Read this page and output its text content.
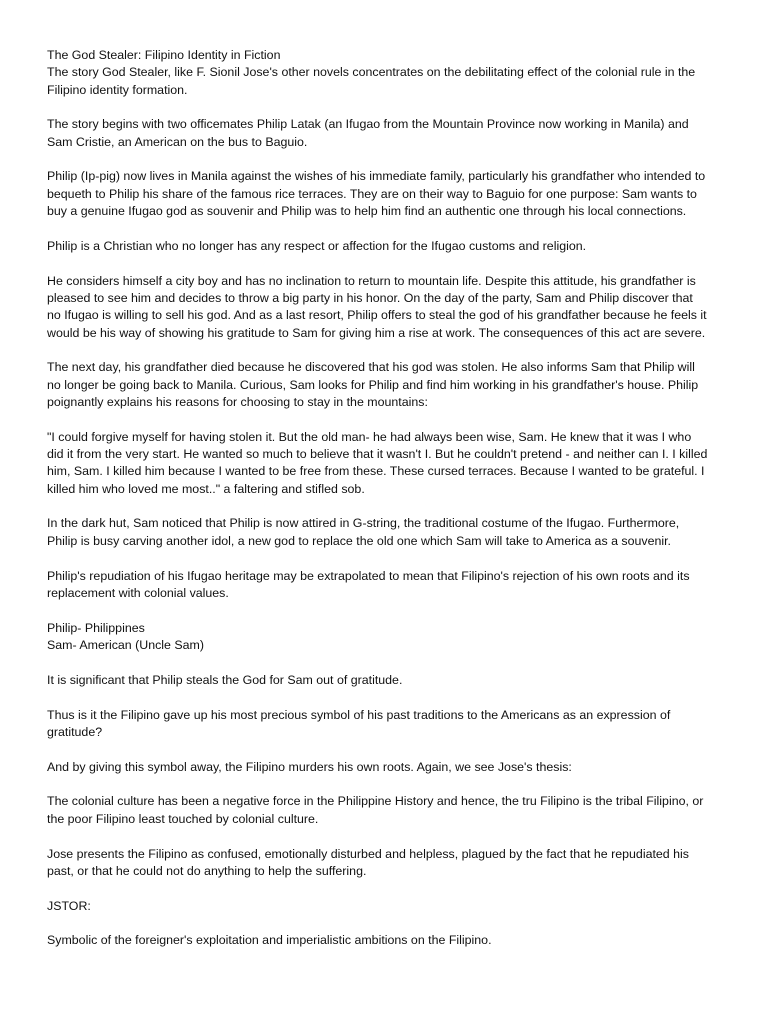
The God Stealer: Filipino Identity in Fiction
The story God Stealer, like F. Sionil Jose's other novels concentrates on the debilitating effect of the colonial rule in the Filipino identity formation.
The story begins with two officemates Philip Latak (an Ifugao from the Mountain Province now working in Manila) and Sam Cristie, an American on the bus to Baguio.
Philip (Ip-pig) now lives in Manila against the wishes of his immediate family, particularly his grandfather who intended to bequeth to Philip his share of the famous rice terraces. They are on their way to Baguio for one purpose: Sam wants to buy a genuine Ifugao god as souvenir and Philip was to help him find an authentic one through his local connections.
Philip is a Christian who no longer has any respect or affection for the Ifugao customs and religion.
He considers himself a city boy and has no inclination to return to mountain life. Despite this attitude, his grandfather is pleased to see him and decides to throw a big party in his honor. On the day of the party, Sam and Philip discover that no Ifugao is willing to sell his god. And as a last resort, Philip offers to steal the god of his grandfather because he feels it would be his way of showing his gratitude to Sam for giving him a rise at work. The consequences of this act are severe.
The next day, his grandfather died because he discovered that his god was stolen. He also informs Sam that Philip will no longer be going back to Manila. Curious, Sam looks for Philip and find him working in his grandfather's house. Philip poignantly explains his reasons for choosing to stay in the mountains:
"I could forgive myself for having stolen it. But the old man- he had always been wise, Sam. He knew that it was I who did it from the very start. He wanted so much to believe that it wasn't I. But he couldn't pretend - and neither can I. I killed him, Sam. I killed him because I wanted to be free from these. These cursed terraces. Because I wanted to be grateful. I killed him who loved me most.." a faltering and stifled sob.
In the dark hut, Sam noticed that Philip is now attired in G-string, the traditional costume of the Ifugao. Furthermore, Philip is busy carving another idol, a new god to replace the old one which Sam will take to America as a souvenir.
Philip's repudiation of his Ifugao heritage may be extrapolated to mean that Filipino's rejection of his own roots and its replacement with colonial values.
Philip- Philippines
Sam- American (Uncle Sam)
It is significant that Philip steals the God for Sam out of gratitude.
Thus is it the Filipino gave up his most precious symbol of his past traditions to the Americans as an expression of gratitude?
And by giving this symbol away, the Filipino murders his own roots. Again, we see Jose's thesis:
The colonial culture has been a negative force in the Philippine History and hence, the tru Filipino is the tribal Filipino, or the poor Filipino least touched by colonial culture.
Jose presents the Filipino as confused, emotionally disturbed and helpless, plagued by the fact that he repudiated his past, or that he could not do anything to help the suffering.
JSTOR:
Symbolic of the foreigner's exploitation and imperialistic ambitions on the Filipino.
